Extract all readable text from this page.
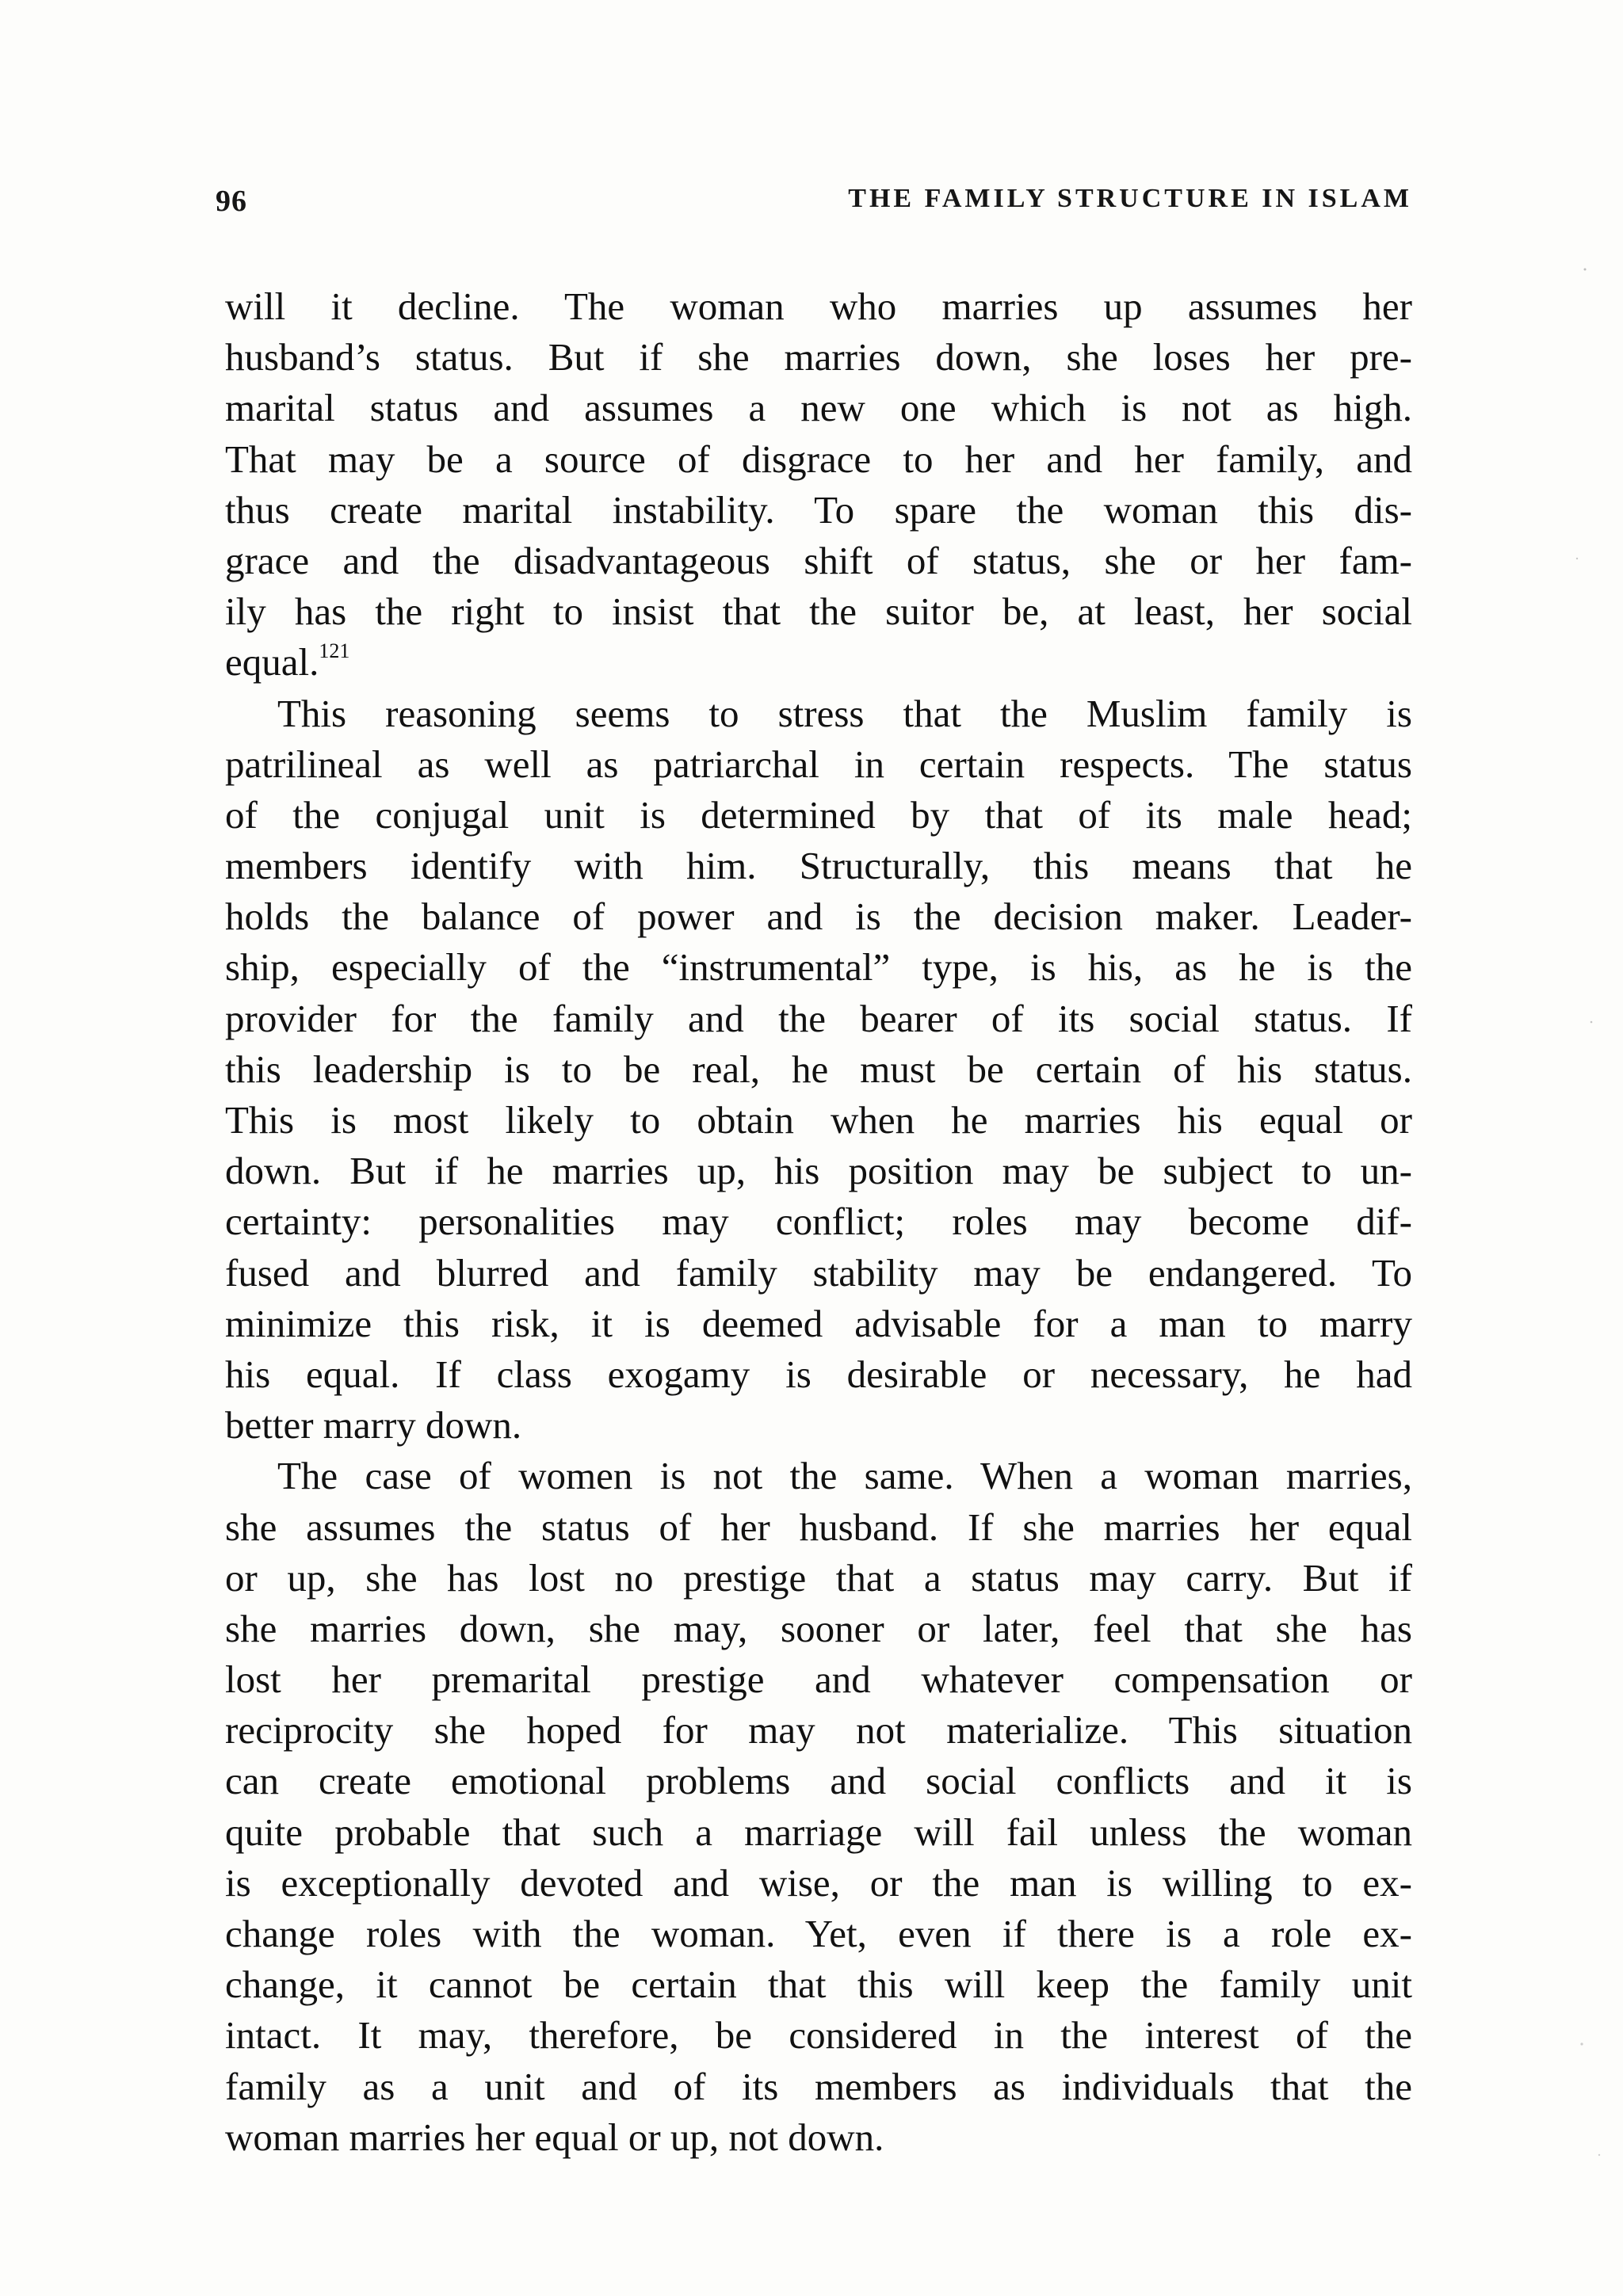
96	THE FAMILY STRUCTURE IN ISLAM
will it decline. The woman who marries up assumes her
husband’s status. But if she marries down, she loses her pre-
marital status and assumes a new one which is not as high.
That may be a source of disgrace to her and her family, and
thus create marital instability. To spare the woman this dis-
grace and the disadvantageous shift of status, she or her fam-
ily has the right to insist that the suitor be, at least, her social
equal.$^{121}$
This reasoning seems to stress that the Muslim family is
patrilineal as well as patriarchal in certain respects. The status
of the conjugal unit is determined by that of its male head;
members identify with him. Structurally, this means that he
holds the balance of power and is the decision maker. Leader-
ship, especially of the “instrumental” type, is his, as he is the
provider for the family and the bearer of its social status. If
this leadership is to be real, he must be certain of his status.
This is most likely to obtain when he marries his equal or
down. But if he marries up, his position may be subject to un-
certainty: personalities may conflict; roles may become dif-
fused and blurred and family stability may be endangered. To
minimize this risk, it is deemed advisable for a man to marry
his equal. If class exogamy is desirable or necessary, he had
better marry down.
The case of women is not the same. When a woman marries,
she assumes the status of her husband. If she marries her equal
or up, she has lost no prestige that a status may carry. But if
she marries down, she may, sooner or later, feel that she has
lost her premarital prestige and whatever compensation or
reciprocity she hoped for may not materialize. This situation
can create emotional problems and social conflicts and it is
quite probable that such a marriage will fail unless the woman
is exceptionally devoted and wise, or the man is willing to ex-
change roles with the woman. Yet, even if there is a role ex-
change, it cannot be certain that this will keep the family unit
intact. It may, therefore, be considered in the interest of the
family as a unit and of its members as individuals that the
woman marries her equal or up, not down.
